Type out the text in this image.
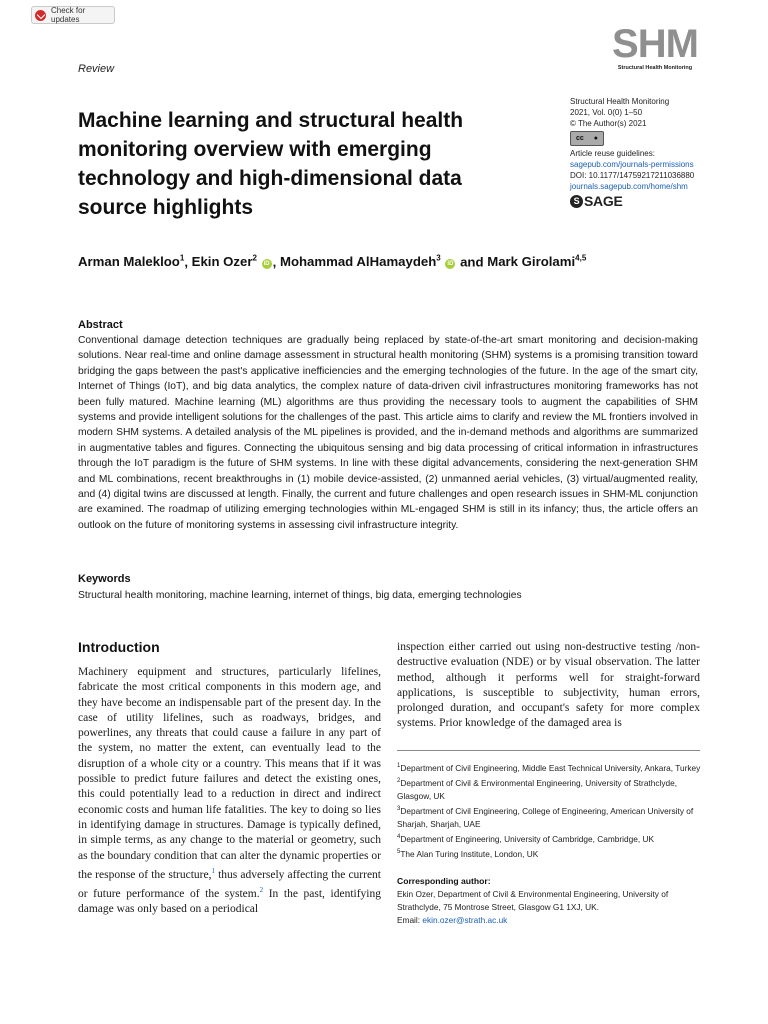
Check for updates
Review
SHM
Structural Health Monitoring
Machine learning and structural health monitoring overview with emerging technology and high-dimensional data source highlights
Structural Health Monitoring
2021, Vol. 0(0) 1–50
© The Author(s) 2021
cc ●
Article reuse guidelines:
sagepub.com/journals-permissions
DOI: 10.1177/14759217211036880
journals.sagepub.com/home/shm
S SAGE
Arman Malekloo$^1$, Ekin Ozer$^2$ iD , Mohammad AlHamaydeh$^3$ iD and Mark Girolami$^{4,5}$
Abstract
Conventional damage detection techniques are gradually being replaced by state-of-the-art smart monitoring and decision-making solutions. Near real-time and online damage assessment in structural health monitoring (SHM) systems is a promising transition toward bridging the gaps between the past's applicative inefficiencies and the emerging technologies of the future. In the age of the smart city, Internet of Things (IoT), and big data analytics, the complex nature of data-driven civil infrastructures monitoring frameworks has not been fully matured. Machine learning (ML) algorithms are thus providing the necessary tools to augment the capabilities of SHM systems and provide intelligent solutions for the challenges of the past. This article aims to clarify and review the ML frontiers involved in modern SHM systems. A detailed analysis of the ML pipelines is provided, and the in-demand methods and algorithms are summarized in augmentative tables and figures. Connecting the ubiquitous sensing and big data processing of critical information in infrastructures through the IoT paradigm is the future of SHM systems. In line with these digital advancements, considering the next-generation SHM and ML combinations, recent breakthroughs in (1) mobile device-assisted, (2) unmanned aerial vehicles, (3) virtual/augmented reality, and (4) digital twins are discussed at length. Finally, the current and future challenges and open research issues in SHM-ML conjunction are examined. The roadmap of utilizing emerging technologies within ML-engaged SHM is still in its infancy; thus, the article offers an outlook on the future of monitoring systems in assessing civil infrastructure integrity.
Keywords
Structural health monitoring, machine learning, internet of things, big data, emerging technologies
Introduction
Machinery equipment and structures, particularly lifelines, fabricate the most critical components in this modern age, and they have become an indispensable part of the present day. In the case of utility lifelines, such as roadways, bridges, and powerlines, any threats that could cause a failure in any part of the system, no matter the extent, can eventually lead to the disruption of a whole city or a country. This means that if it was possible to predict future failures and detect the existing ones, this could potentially lead to a reduction in direct and indirect economic costs and human life fatalities. The key to doing so lies in identifying damage in structures. Damage is typically defined, in simple terms, as any change to the material or geometry, such as the boundary condition that can alter the dynamic properties or the response of the structure,$^1$ thus adversely affecting the current or future performance of the system.$^2$ In the past, identifying damage was only based on a periodical
inspection either carried out using non-destructive testing /non-destructive evaluation (NDE) or by visual observation. The latter method, although it performs well for straight-forward applications, is susceptible to subjectivity, human errors, prolonged duration, and occupant's safety for more complex systems. Prior knowledge of the damaged area is
$^1$Department of Civil Engineering, Middle East Technical University, Ankara, Turkey
$^2$Department of Civil & Environmental Engineering, University of Strathclyde, Glasgow, UK
$^3$Department of Civil Engineering, College of Engineering, American University of Sharjah, Sharjah, UAE
$^4$Department of Engineering, University of Cambridge, Cambridge, UK
$^5$The Alan Turing Institute, London, UK
Corresponding author:
Ekin Ozer, Department of Civil & Environmental Engineering, University of Strathclyde, 75 Montrose Street, Glasgow G1 1XJ, UK.
Email: ekin.ozer@strath.ac.uk
